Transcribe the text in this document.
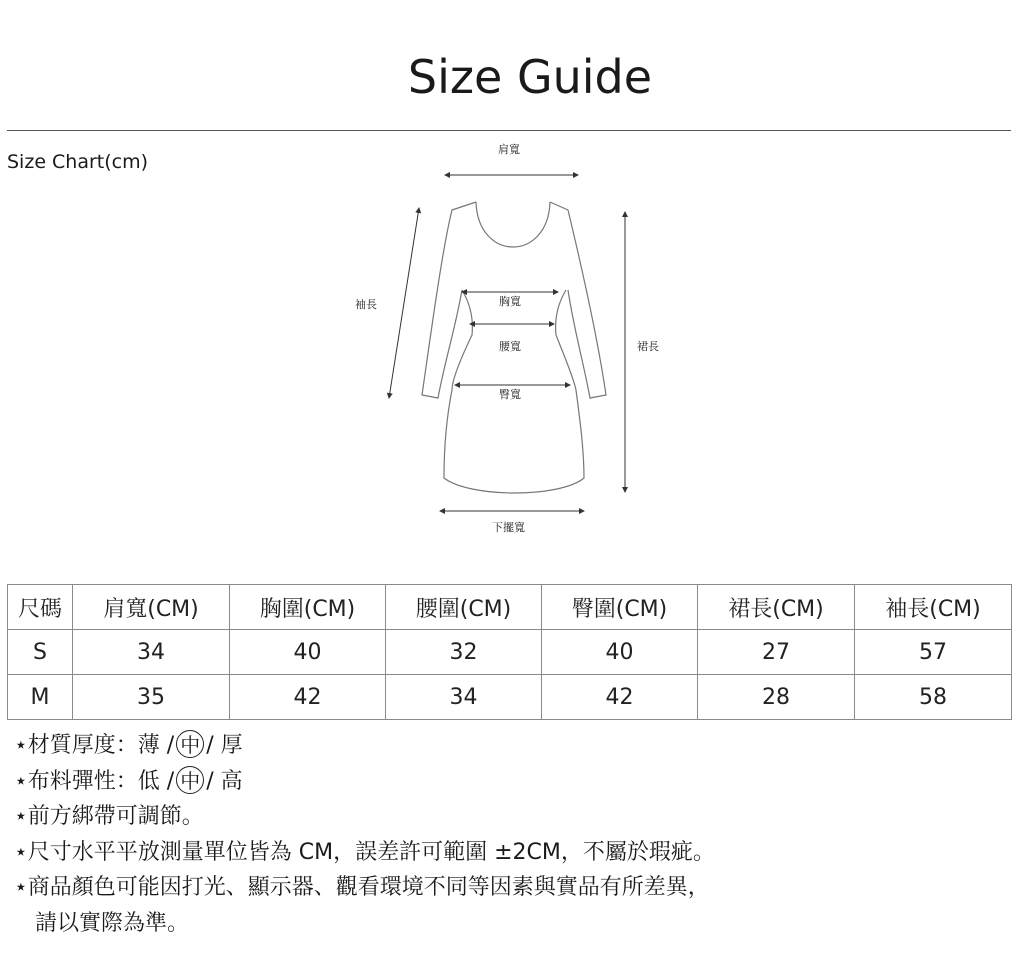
Size Guide
Size Chart(cm)
肩寬
袖長	胸寬
腰寬
臀寬
裙長
下擺寬
尺碼	肩寬(CM)	胸圍(CM)	腰圍(CM)	臀圍(CM)	裙長(CM)	袖長(CM)
S	34	40	32	40	27	57
M	35	42	34	42	28	58
⋆材質厚度：薄 / 中 / 厚
⋆布料彈性：低 / 中 / 高
⋆前方綁帶可調節。
⋆尺寸水平平放測量單位皆為 CM，誤差許可範圍 ±2CM，不屬於瑕疵。
⋆商品顏色可能因打光、顯示器、觀看環境不同等因素與實品有所差異，
請以實際為準。
